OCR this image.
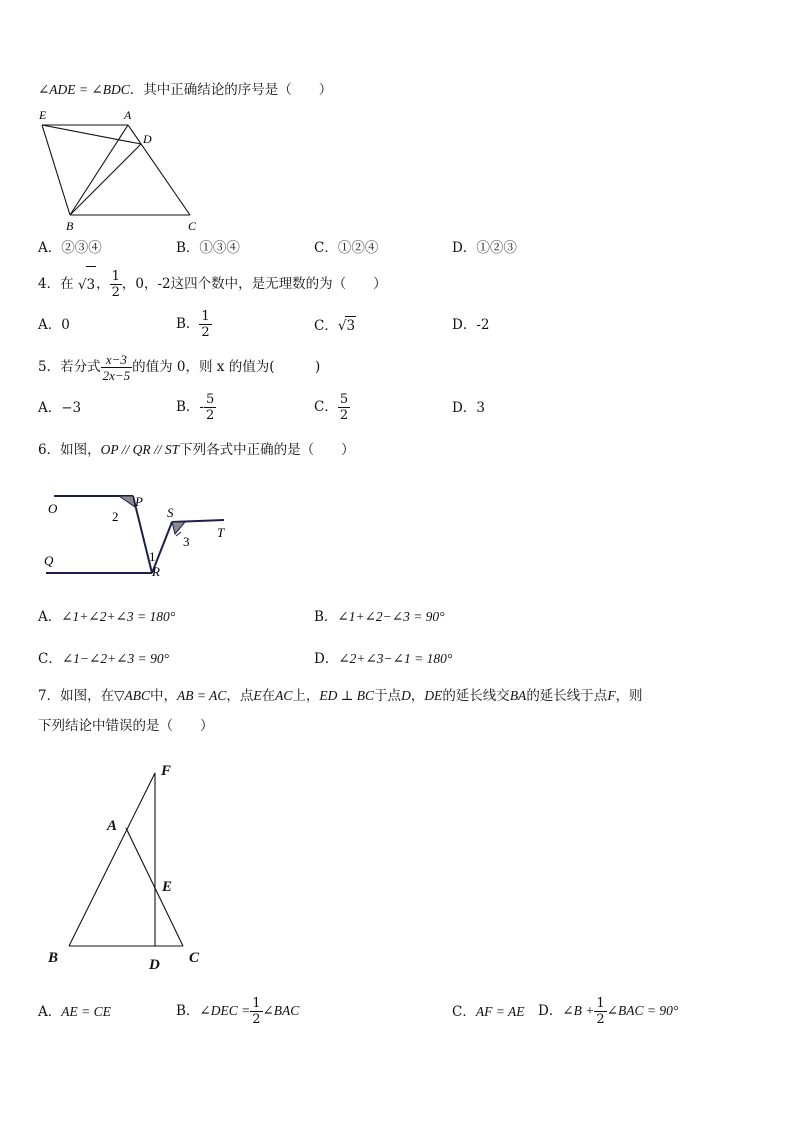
∠ADE = ∠BDC．其中正确结论的序号是（　　）
E	A
D
B	C
A．②③④	B．①③④	C．①②④	D．①②③
4．在 √3， $\frac{1}{2}$ ，0，-2这四个数中，是无理数的为（　　）
A．0	B． $\frac{1}{2}$	C．√3	D．-2
5．若分式 $\frac{x-3}{2x-5}$ 的值为 0，则 x 的值为(　　　)
A．−3	B．- $\frac{5}{2}$	C． $\frac{5}{2}$	D．3
6．如图，OP // QR // ST下列各式中正确的是（　　）
O	P
S
T
Q
R
2
1
3
A．∠1+∠2+∠3 = 180°	B．∠1+∠2−∠3 = 90°
C．∠1−∠2+∠3 = 90°	D．∠2+∠3−∠1 = 180°
7．如图，在▽ABC中，AB = AC，点E在AC上，ED ⊥ BC于点D，DE的延长线交BA的延长线于点F，则
下列结论中错误的是（　　）
F
A
E
B	D C
A．AE = CE	B．∠DEC = $\frac{1}{2}$ ∠BAC	C．AF = AE D．∠B + $\frac{1}{2}$ ∠BAC = 90°
